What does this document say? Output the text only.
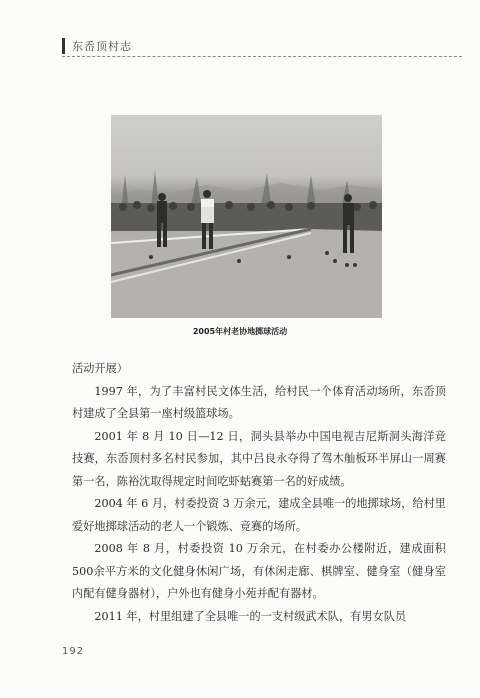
东岙顶村志
2005年村老协地掷球活动

活动开展）

1997 年，为了丰富村民文体生活，给村民一个体育活动场所，东岙顶村建成了全县第一座村级篮球场。

2001 年 8 月 10 日—12 日，洞头县举办中国电视吉尼斯洞头海洋竞技赛，东岙顶村多名村民参加，其中吕良永夺得了驾木舢板环半屏山一周赛第一名，陈裕沈取得规定时间吃虾蛄赛第一名的好成绩。

2004 年 6 月，村委投资 3 万余元，建成全县唯一的地掷球场，给村里爱好地掷球活动的老人一个锻炼、竞赛的场所。

2008 年 8 月，村委投资 10 万余元，在村委办公楼附近，建成面积500余平方米的文化健身休闲广场，有休闲走廊、棋牌室、健身室（健身室内配有健身器材），户外也有健身小苑并配有器材。

2011 年，村里组建了全县唯一的一支村级武术队，有男女队员

192
